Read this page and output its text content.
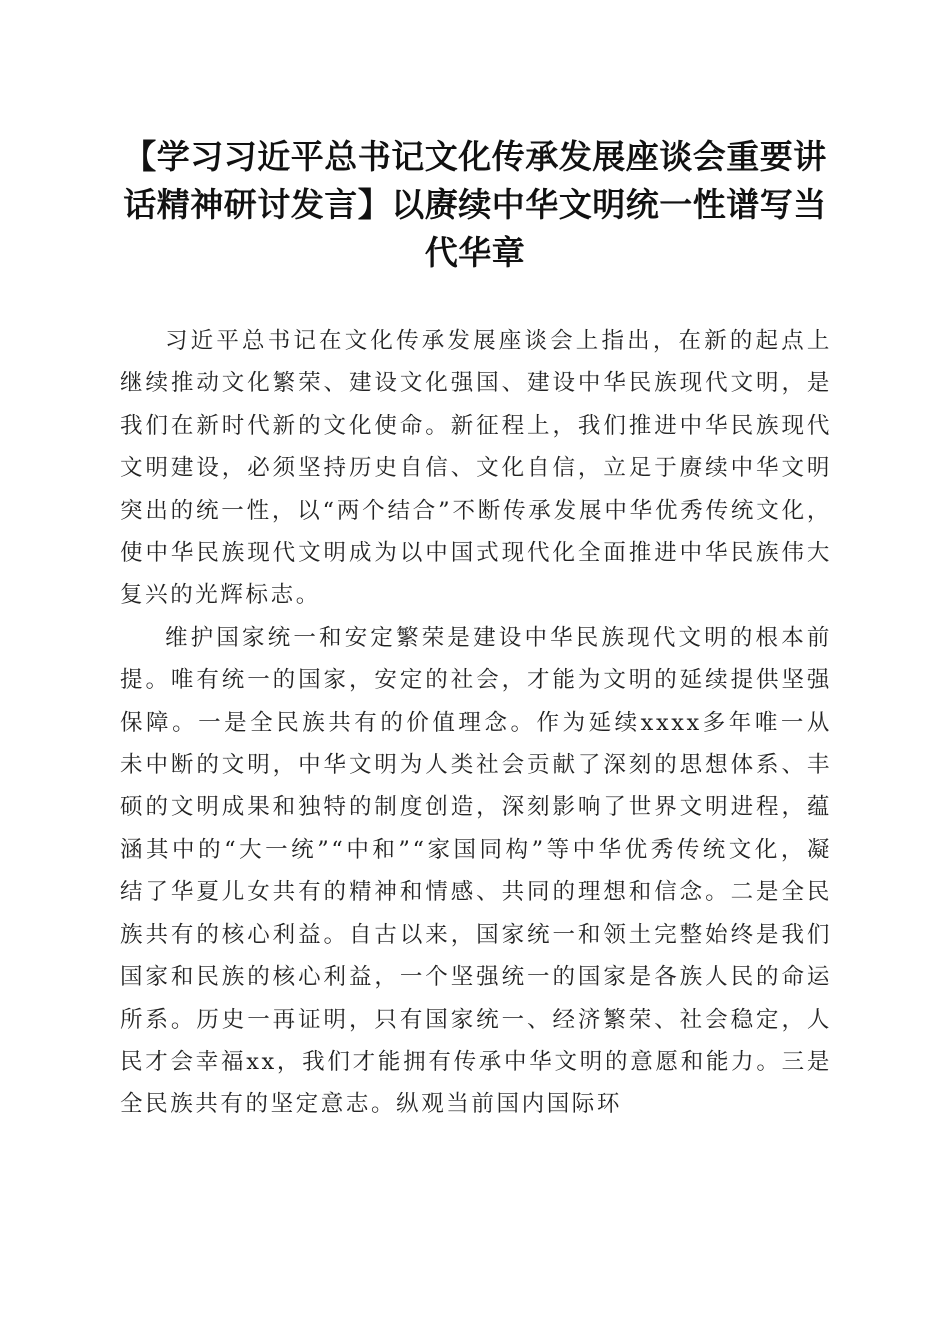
【学习习近平总书记文化传承发展座谈会重要讲话精神研讨发言】以赓续中华文明统一性谱写当代华章

习近平总书记在文化传承发展座谈会上指出，在新的起点上继续推动文化繁荣、建设文化强国、建设中华民族现代文明，是我们在新时代新的文化使命。新征程上，我们推进中华民族现代文明建设，必须坚持历史自信、文化自信，立足于赓续中华文明突出的统一性，以“两个结合”不断传承发展中华优秀传统文化，使中华民族现代文明成为以中国式现代化全面推进中华民族伟大复兴的光辉标志。

维护国家统一和安定繁荣是建设中华民族现代文明的根本前提。唯有统一的国家，安定的社会，才能为文明的延续提供坚强保障。一是全民族共有的价值理念。作为延续xxxx多年唯一从未中断的文明，中华文明为人类社会贡献了深刻的思想体系、丰硕的文明成果和独特的制度创造，深刻影响了世界文明进程，蕴涵其中的“大一统”“中和”“家国同构”等中华优秀传统文化，凝结了华夏儿女共有的精神和情感、共同的理想和信念。二是全民族共有的核心利益。自古以来，国家统一和领土完整始终是我们国家和民族的核心利益，一个坚强统一的国家是各族人民的命运所系。历史一再证明，只有国家统一、经济繁荣、社会稳定，人民才会幸福xx，我们才能拥有传承中华文明的意愿和能力。三是全民族共有的坚定意志。纵观当前国内国际环
